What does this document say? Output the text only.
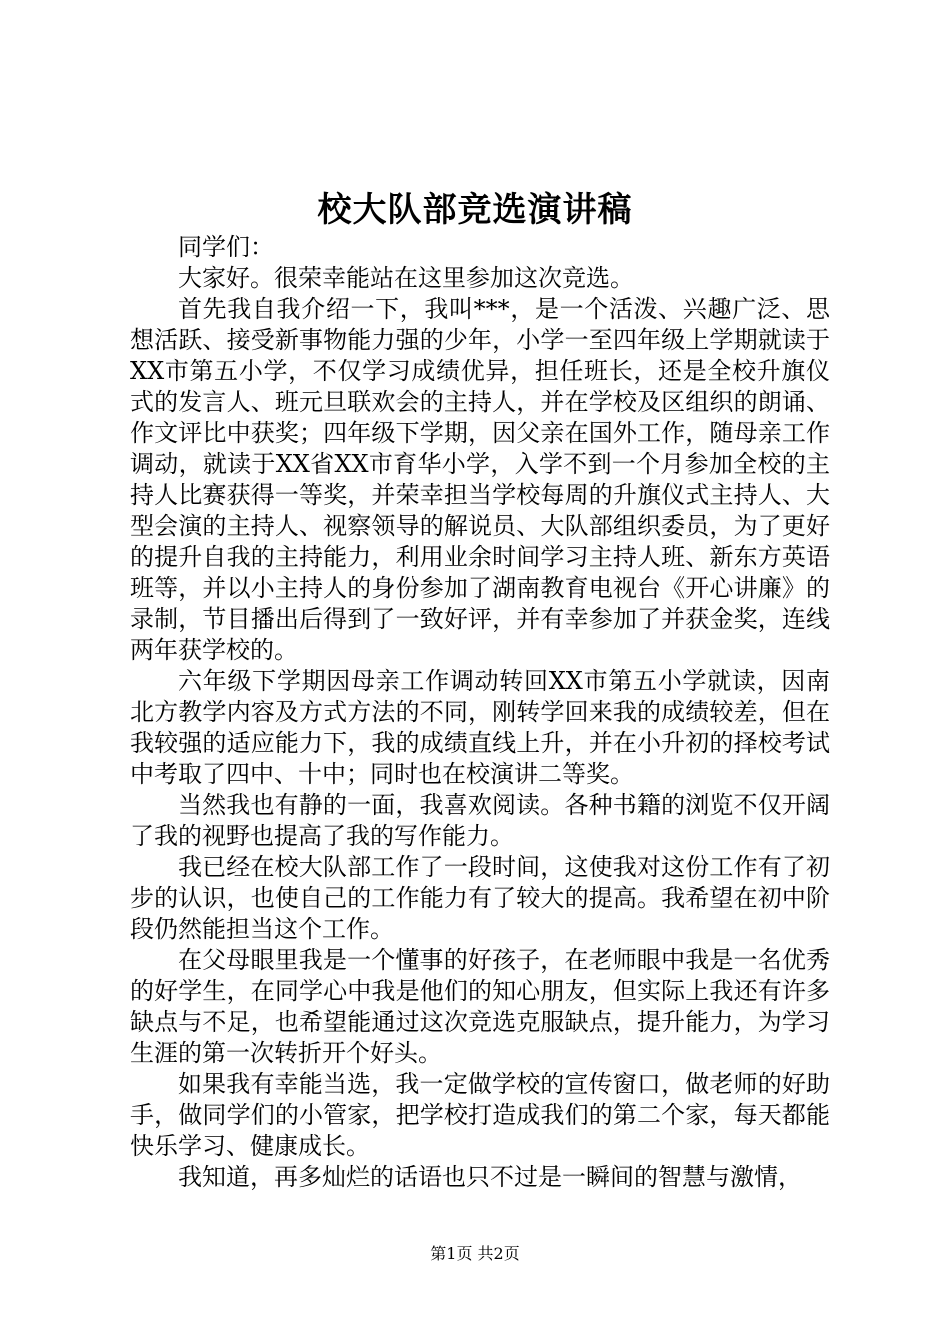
校大队部竞选演讲稿

同学们：

大家好。很荣幸能站在这里参加这次竞选。

首先我自我介绍一下，我叫***，是一个活泼、兴趣广泛、思想活跃、接受新事物能力强的少年，小学一至四年级上学期就读于XX市第五小学，不仅学习成绩优异，担任班长，还是全校升旗仪式的发言人、班元旦联欢会的主持人，并在学校及区组织的朗诵、作文评比中获奖；四年级下学期，因父亲在国外工作，随母亲工作调动，就读于XX省XX市育华小学，入学不到一个月参加全校的主持人比赛获得一等奖，并荣幸担当学校每周的升旗仪式主持人、大型会演的主持人、视察领导的解说员、大队部组织委员，为了更好的提升自我的主持能力，利用业余时间学习主持人班、新东方英语班等，并以小主持人的身份参加了湖南教育电视台《开心讲廉》的录制，节目播出后得到了一致好评，并有幸参加了并获金奖，连线两年获学校的。

六年级下学期因母亲工作调动转回XX市第五小学就读，因南北方教学内容及方式方法的不同，刚转学回来我的成绩较差，但在我较强的适应能力下，我的成绩直线上升，并在小升初的择校考试中考取了四中、十中；同时也在校演讲二等奖。

当然我也有静的一面，我喜欢阅读。各种书籍的浏览不仅开阔了我的视野也提高了我的写作能力。

我已经在校大队部工作了一段时间，这使我对这份工作有了初步的认识，也使自己的工作能力有了较大的提高。我希望在初中阶段仍然能担当这个工作。

在父母眼里我是一个懂事的好孩子，在老师眼中我是一名优秀的好学生，在同学心中我是他们的知心朋友，但实际上我还有许多缺点与不足，也希望能通过这次竞选克服缺点，提升能力，为学习生涯的第一次转折开个好头。

如果我有幸能当选，我一定做学校的宣传窗口，做老师的好助手，做同学们的小管家，把学校打造成我们的第二个家，每天都能快乐学习、健康成长。

我知道，再多灿烂的话语也只不过是一瞬间的智慧与激情，

第1页 共2页
